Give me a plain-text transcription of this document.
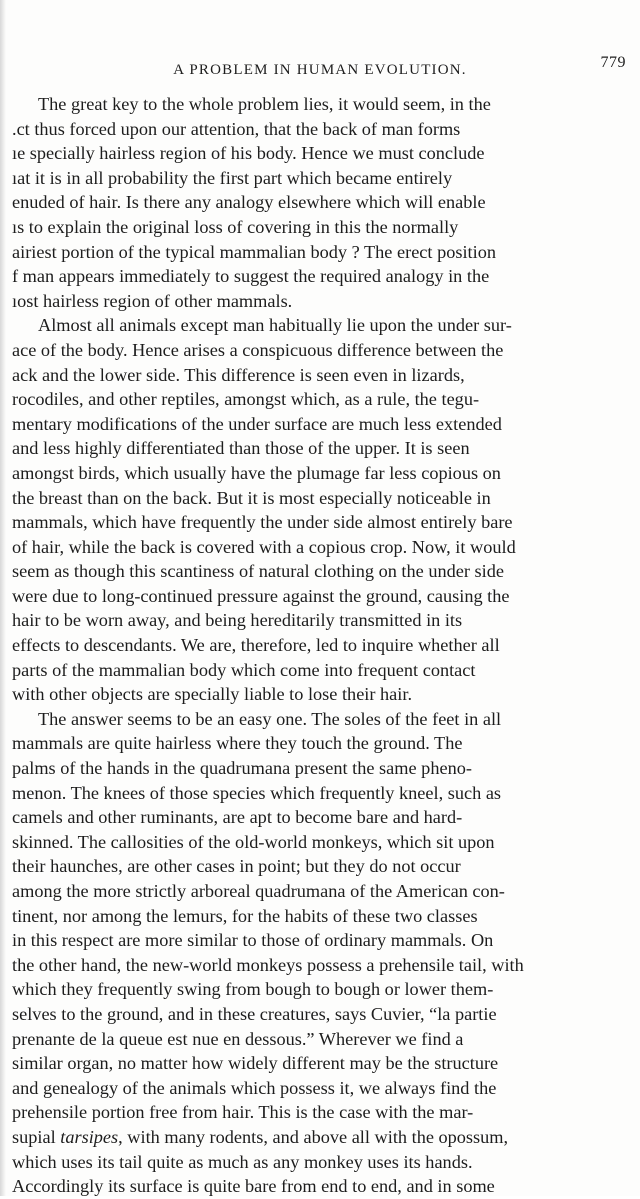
A PROBLEM IN HUMAN EVOLUTION.	779
The great key to the whole problem lies, it would seem, in the
.ct thus forced upon our attention, that the back of man forms
ıe specially hairless region of his body. Hence we must conclude
ıat it is in all probability the first part which became entirely
enuded of hair. Is there any analogy elsewhere which will enable
ıs to explain the original loss of covering in this the normally
airiest portion of the typical mammalian body ? The erect position
f man appears immediately to suggest the required analogy in the
ıost hairless region of other mammals.
Almost all animals except man habitually lie upon the under sur-
ace of the body. Hence arises a conspicuous difference between the
ack and the lower side. This difference is seen even in lizards,
rocodiles, and other reptiles, amongst which, as a rule, the tegu-
mentary modifications of the under surface are much less extended
and less highly differentiated than those of the upper. It is seen
amongst birds, which usually have the plumage far less copious on
the breast than on the back. But it is most especially noticeable in
mammals, which have frequently the under side almost entirely bare
of hair, while the back is covered with a copious crop. Now, it would
seem as though this scantiness of natural clothing on the under side
were due to long-continued pressure against the ground, causing the
hair to be worn away, and being hereditarily transmitted in its
effects to descendants. We are, therefore, led to inquire whether all
parts of the mammalian body which come into frequent contact
with other objects are specially liable to lose their hair.
The answer seems to be an easy one. The soles of the feet in all
mammals are quite hairless where they touch the ground. The
palms of the hands in the quadrumana present the same pheno-
menon. The knees of those species which frequently kneel, such as
camels and other ruminants, are apt to become bare and hard-
skinned. The callosities of the old-world monkeys, which sit upon
their haunches, are other cases in point; but they do not occur
among the more strictly arboreal quadrumana of the American con-
tinent, nor among the lemurs, for the habits of these two classes
in this respect are more similar to those of ordinary mammals. On
the other hand, the new-world monkeys possess a prehensile tail, with
which they frequently swing from bough to bough or lower them-
selves to the ground, and in these creatures, says Cuvier, “la partie
prenante de la queue est nue en dessous.” Wherever we find a
similar organ, no matter how widely different may be the structure
and genealogy of the animals which possess it, we always find the
prehensile portion free from hair. This is the case with the mar-
supial tarsipes, with many rodents, and above all with the opossum,
which uses its tail quite as much as any monkey uses its hands.
Accordingly its surface is quite bare from end to end, and in some
